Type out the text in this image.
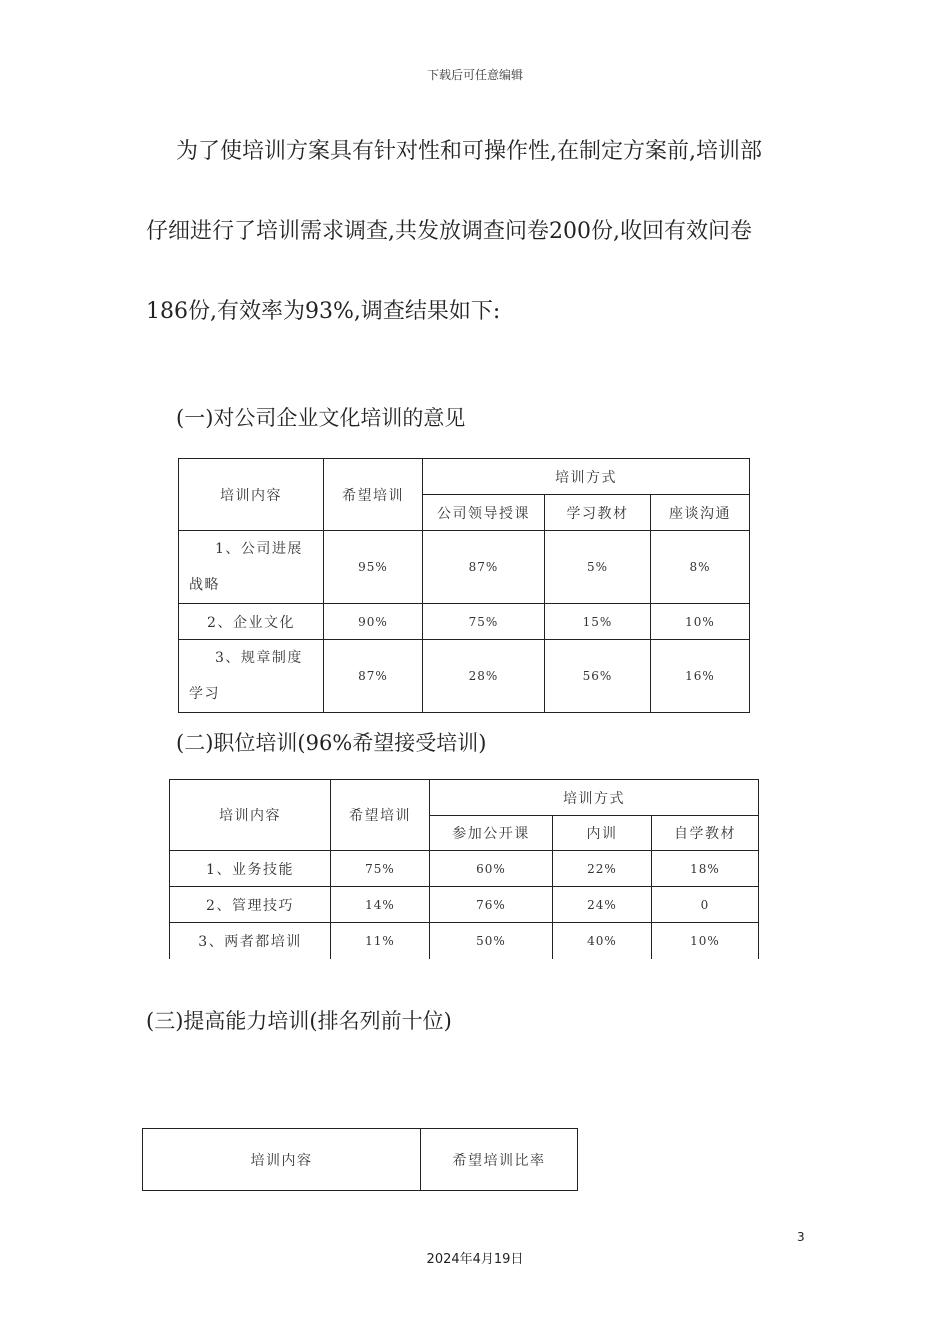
下载后可任意编辑
为了使培训方案具有针对性和可操作性,在制定方案前,培训部
仔细进行了培训需求调查,共发放调查问卷200份,收回有效问卷
186份,有效率为93%,调查结果如下:
(一)对公司企业文化培训的意见
培训内容	希望培训	培训方式		
		公司领导授课	学习教材	座谈沟通

1、公司进展
战略	95%	87%	5%	8%
2、企业文化	90%	75%	15%	10%

3、规章制度
学习	87%	28%	56%	16%
(二)职位培训(96%希望接受培训)
培训内容	希望培训	培训方式		
		参加公开课	内训	自学教材
1、业务技能	75%	60%	22%	18%
2、管理技巧	14%	76%	24%	0
3、两者都培训	11%	50%	40%	10%
(三)提高能力培训(排名列前十位)
培训内容	希望培训比率
3
2024年4月19日
